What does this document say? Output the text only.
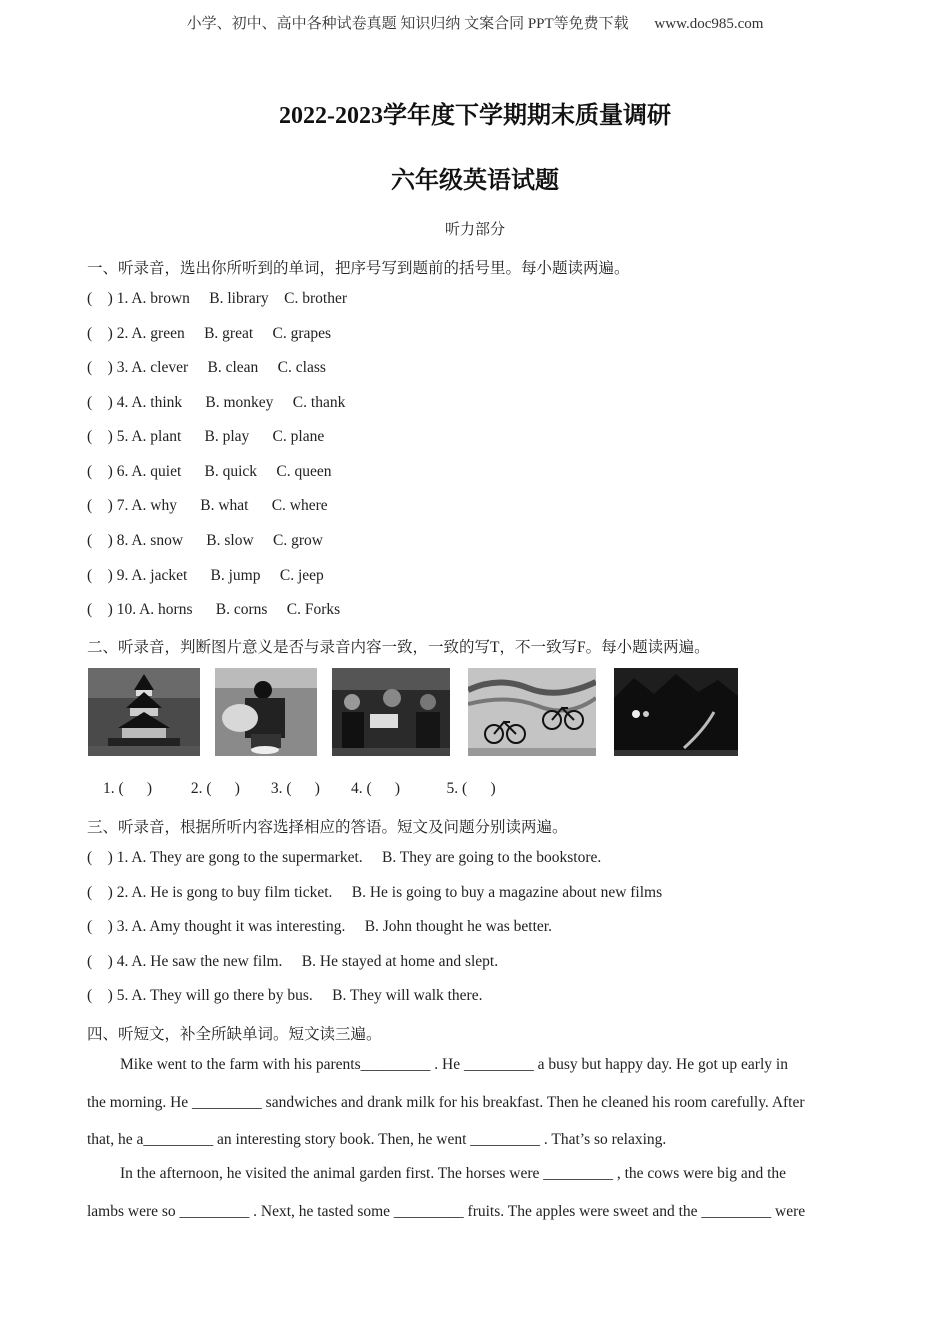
小学、初中、高中各种试卷真题 知识归纳 文案合同 PPT等免费下载 www.doc985.com
2022-2023学年度下学期期末质量调研
六年级英语试题
听力部分
一、听录音，选出你所听到的单词，把序号写到题前的括号里。每小题读两遍。
(    ) 1. A. brown     B. library    C. brother
(    ) 2. A. green     B. great     C. grapes
(    ) 3. A. clever     B. clean     C. class
(    ) 4. A. think      B. monkey     C. thank
(    ) 5. A. plant      B. play      C. plane
(    ) 6. A. quiet      B. quick     C. queen
(    ) 7. A. why      B. what      C. where
(    ) 8. A. snow      B. slow     C. grow
(    ) 9. A. jacket      B. jump     C. jeep
(    ) 10. A. horns      B. corns     C. Forks
二、听录音，判断图片意义是否与录音内容一致，一致的写T，不一致写F。每小题读两遍。
1. (      )          2. (      )        3. (      )        4. (      )            5. (      )
三、听录音，根据所听内容选择相应的答语。短文及问题分别读两遍。
(    ) 1. A. They are gong to the supermarket.     B. They are going to the bookstore.
(    ) 2. A. He is gong to buy film ticket.     B. He is going to buy a magazine about new films
(    ) 3. A. Amy thought it was interesting.     B. John thought he was better.
(    ) 4. A. He saw the new film.     B. He stayed at home and slept.
(    ) 5. A. They will go there by bus.     B. They will walk there.
四、听短文，补全所缺单词。短文读三遍。
Mike went to the farm with his parents_________ . He _________ a busy but happy day. He got up early in
the morning. He _________ sandwiches and drank milk for his breakfast. Then he cleaned his room carefully. After
that, he a_________ an interesting story book. Then, he went _________ . That’s so relaxing.
In the afternoon, he visited the animal garden first. The horses were _________ , the cows were big and the
lambs were so _________ . Next, he tasted some _________ fruits. The apples were sweet and the _________ were
